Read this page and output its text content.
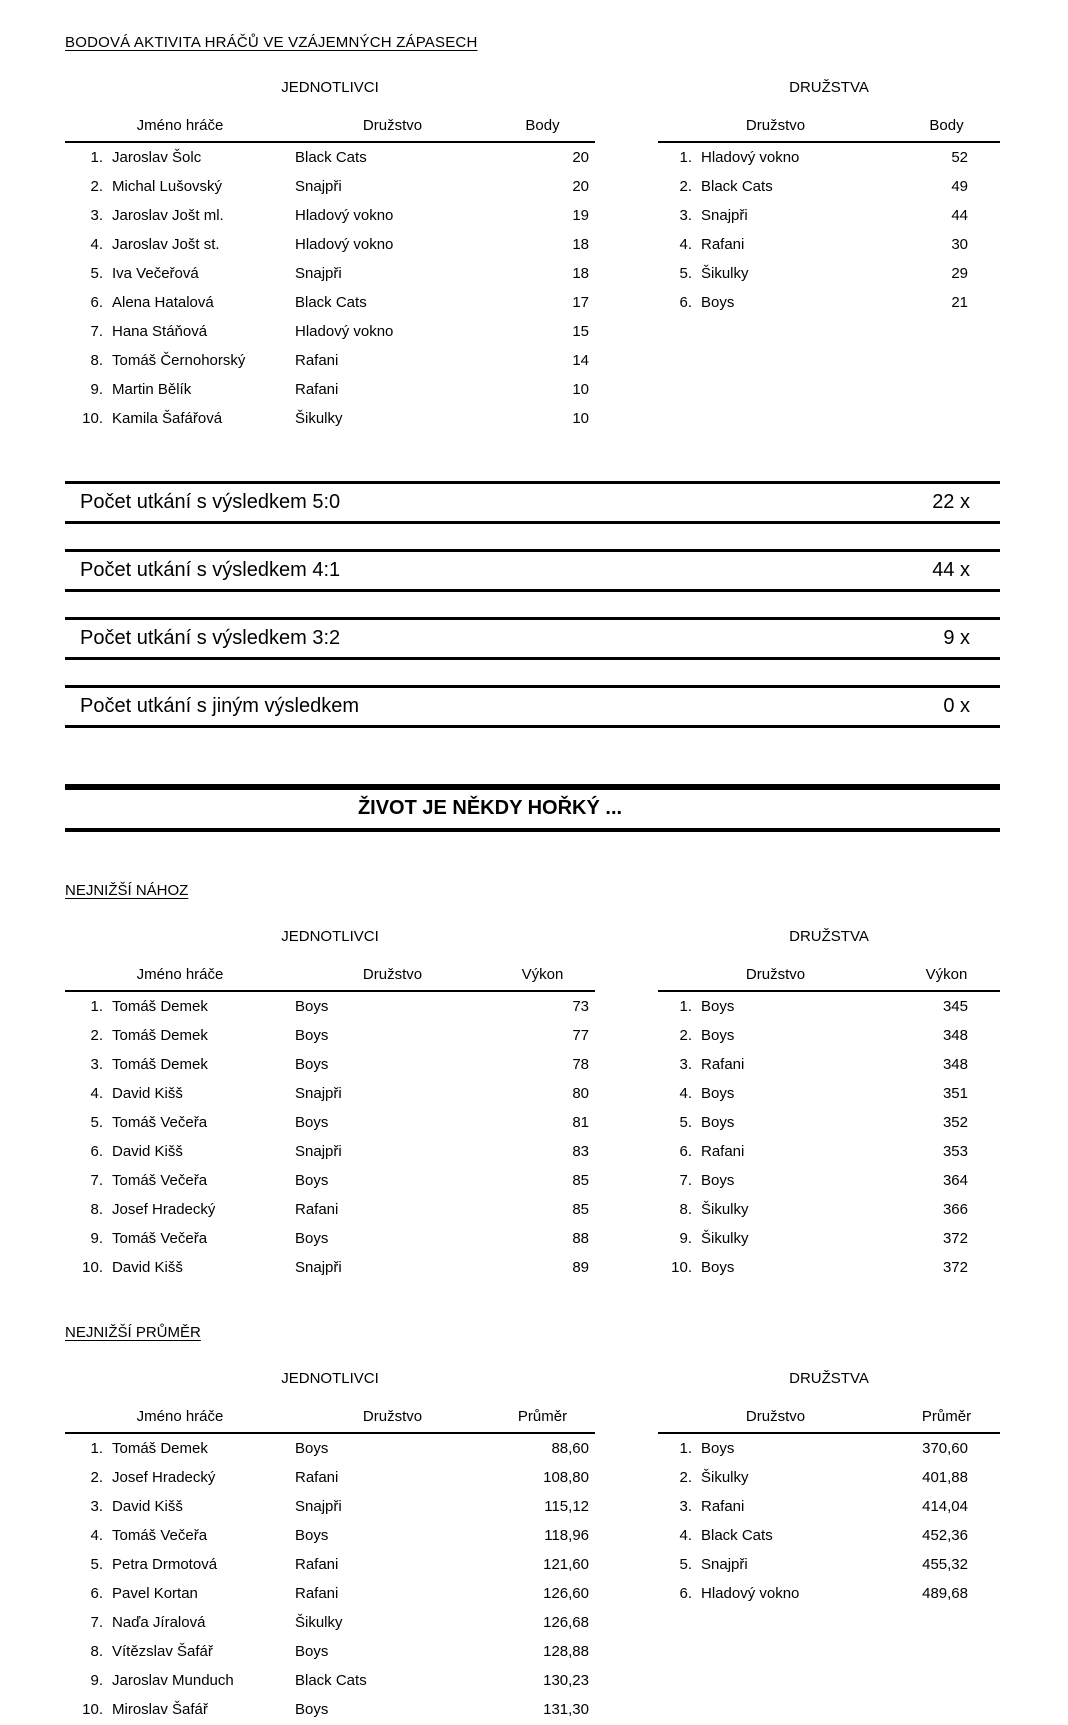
BODOVÁ AKTIVITA HRÁČŮ VE VZÁJEMNÝCH ZÁPASECH
JEDNOTLIVCI
Jméno hráče		Družstvo	Body
1.	Jaroslav Šolc	Black Cats	20
2.	Michal Lušovský	Snajpři	20
3.	Jaroslav Jošt ml.	Hladový vokno	19
4.	Jaroslav Jošt st.	Hladový vokno	18
5.	Iva Večeřová	Snajpři	18
6.	Alena Hatalová	Black Cats	17
7.	Hana Stáňová	Hladový vokno	15
8.	Tomáš Černohorský	Rafani	14
9.	Martin Bělík	Rafani	10
10.	Kamila Šafářová	Šikulky	10
DRUŽSTVA
Družstvo		Body
1.	Hladový vokno	52
2.	Black Cats	49
3.	Snajpři	44
4.	Rafani	30
5.	Šikulky	29
6.	Boys	21
Počet utkání s výsledkem 5:0	22 x
Počet utkání s výsledkem 4:1	44 x
Počet utkání s výsledkem 3:2	9 x
Počet utkání s jiným výsledkem	0 x
ŽIVOT JE NĚKDY HOŘKÝ ...
NEJNIŽŠÍ NÁHOZ
JEDNOTLIVCI
Jméno hráče		Družstvo	Výkon
1.	Tomáš Demek	Boys	73
2.	Tomáš Demek	Boys	77
3.	Tomáš Demek	Boys	78
4.	David Kišš	Snajpři	80
5.	Tomáš Večeřa	Boys	81
6.	David Kišš	Snajpři	83
7.	Tomáš Večeřa	Boys	85
8.	Josef Hradecký	Rafani	85
9.	Tomáš Večeřa	Boys	88
10.	David Kišš	Snajpři	89
DRUŽSTVA
Družstvo		Výkon
1.	Boys	345
2.	Boys	348
3.	Rafani	348
4.	Boys	351
5.	Boys	352
6.	Rafani	353
7.	Boys	364
8.	Šikulky	366
9.	Šikulky	372
10.	Boys	372
NEJNIŽŠÍ PRŮMĚR
JEDNOTLIVCI
Jméno hráče		Družstvo	Průměr
1.	Tomáš Demek	Boys	88,60
2.	Josef Hradecký	Rafani	108,80
3.	David Kišš	Snajpři	115,12
4.	Tomáš Večeřa	Boys	118,96
5.	Petra Drmotová	Rafani	121,60
6.	Pavel Kortan	Rafani	126,60
7.	Naďa Jíralová	Šikulky	126,68
8.	Vítězslav Šafář	Boys	128,88
9.	Jaroslav Munduch	Black Cats	130,23
10.	Miroslav Šafář	Boys	131,30
DRUŽSTVA
Družstvo		Průměr
1.	Boys	370,60
2.	Šikulky	401,88
3.	Rafani	414,04
4.	Black Cats	452,36
5.	Snajpři	455,32
6.	Hladový vokno	489,68
